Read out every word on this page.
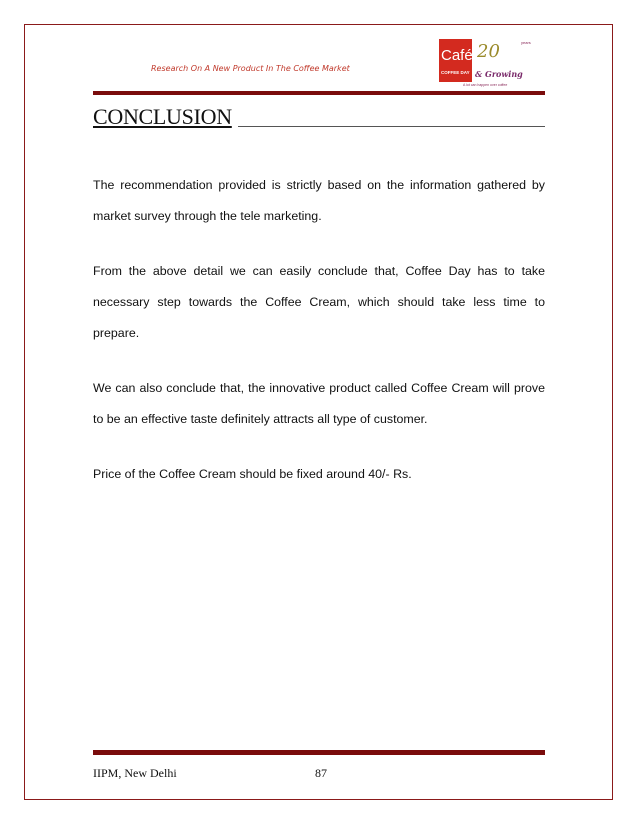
Research On A New Product In The Coffee Market
Café
COFFEE DAY
20	years
& Growing
A lot can happen over coffee
CONCLUSION

The recommendation provided is strictly based on the information gathered by market survey through the tele marketing.

From the above detail we can easily conclude that, Coffee Day has to take necessary step towards the Coffee Cream, which should take less time to prepare.

We can also conclude that, the innovative product called Coffee Cream will prove to be an effective taste definitely attracts all type of customer.

Price of the Coffee Cream should be fixed around 40/- Rs.

IIPM, New Delhi	87
